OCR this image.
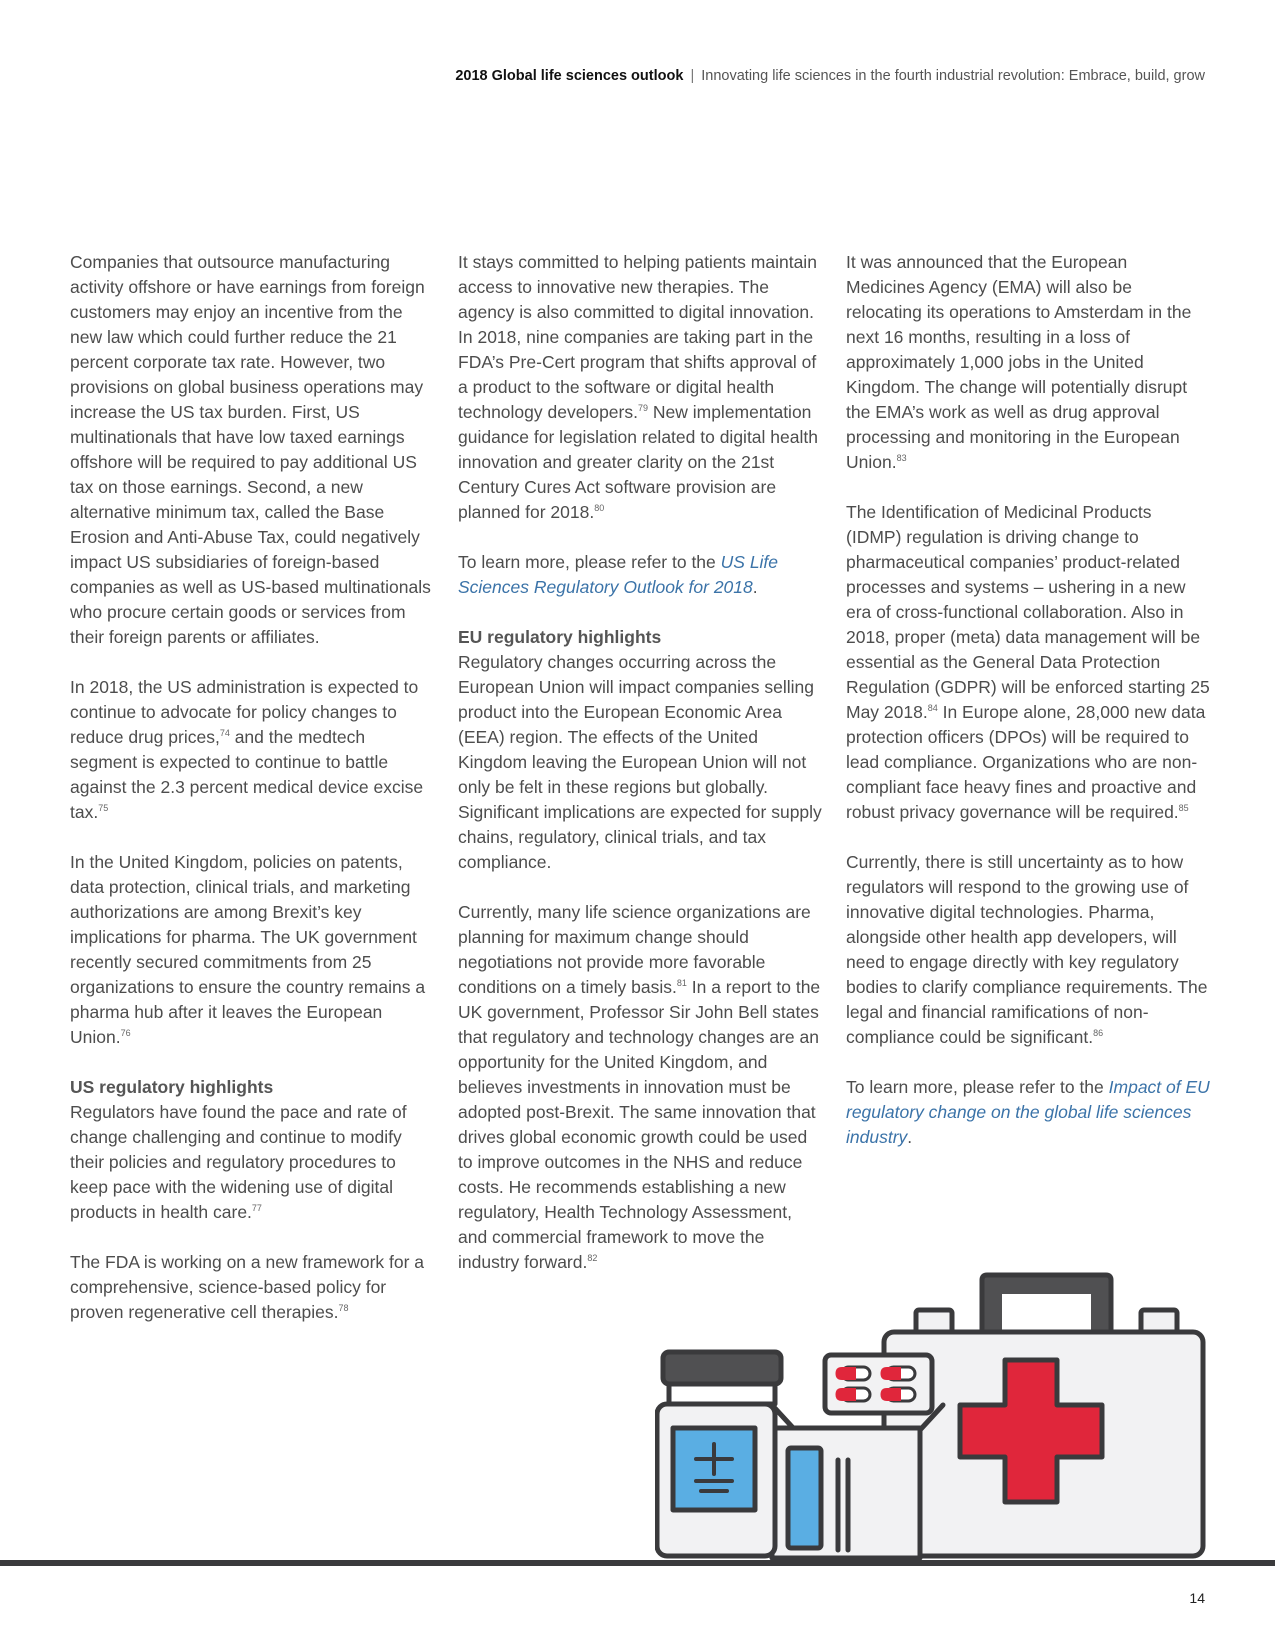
2018 Global life sciences outlook | Innovating life sciences in the fourth industrial revolution: Embrace, build, grow

Companies that outsource manufacturing activity offshore or have earnings from foreign customers may enjoy an incentive from the new law which could further reduce the 21 percent corporate tax rate. However, two provisions on global business operations may increase the US tax burden. First, US multinationals that have low taxed earnings offshore will be required to pay additional US tax on those earnings. Second, a new alternative minimum tax, called the Base Erosion and Anti-Abuse Tax, could negatively impact US subsidiaries of foreign-based companies as well as US-based multinationals who procure certain goods or services from their foreign parents or affiliates.

In 2018, the US administration is expected to continue to advocate for policy changes to reduce drug prices,$^{74}$ and the medtech segment is expected to continue to battle against the 2.3 percent medical device excise tax.$^{75}$

In the United Kingdom, policies on patents, data protection, clinical trials, and marketing authorizations are among Brexit’s key implications for pharma. The UK government recently secured commitments from 25 organizations to ensure the country remains a pharma hub after it leaves the European Union.$^{76}$

US regulatory highlights

Regulators have found the pace and rate of change challenging and continue to modify their policies and regulatory procedures to keep pace with the widening use of digital products in health care.$^{77}$

The FDA is working on a new framework for a comprehensive, science-based policy for proven regenerative cell therapies.$^{78}$

It stays committed to helping patients maintain access to innovative new therapies. The agency is also committed to digital innovation. In 2018, nine companies are taking part in the FDA’s Pre-Cert program that shifts approval of a product to the software or digital health technology developers.$^{79}$ New implementation guidance for legislation related to digital health innovation and greater clarity on the 21st Century Cures Act software provision are planned for 2018.80

To learn more, please refer to the US Life Sciences Regulatory Outlook for 2018.

EU regulatory highlights

Regulatory changes occurring across the European Union will impact companies selling product into the European Economic Area (EEA) region. The effects of the United Kingdom leaving the European Union will not only be felt in these regions but globally. Significant implications are expected for supply chains, regulatory, clinical trials, and tax compliance.

Currently, many life science organizations are planning for maximum change should negotiations not provide more favorable conditions on a timely basis.$^{81}$ In a report to the UK government, Professor Sir John Bell states that regulatory and technology changes are an opportunity for the United Kingdom, and believes investments in innovation must be adopted post-Brexit. The same innovation that drives global economic growth could be used to improve outcomes in the NHS and reduce costs. He recommends establishing a new regulatory, Health Technology Assessment, and commercial framework to move the industry forward.$^{82}$

It was announced that the European Medicines Agency (EMA) will also be relocating its operations to Amsterdam in the next 16 months, resulting in a loss of approximately 1,000 jobs in the United Kingdom. The change will potentially disrupt the EMA’s work as well as drug approval processing and monitoring in the European Union.$^{83}$

The Identification of Medicinal Products (IDMP) regulation is driving change to pharmaceutical companies’ product-related processes and systems – ushering in a new era of cross-functional collaboration. Also in 2018, proper (meta) data management will be essential as the General Data Protection Regulation (GDPR) will be enforced starting 25 May 2018.84 In Europe alone, 28,000 new data protection officers (DPOs) will be required to lead compliance. Organizations who are non-compliant face heavy fines and proactive and robust privacy governance will be required.$^{85}$

Currently, there is still uncertainty as to how regulators will respond to the growing use of innovative digital technologies. Pharma, alongside other health app developers, will need to engage directly with key regulatory bodies to clarify compliance requirements. The legal and financial ramifications of non-compliance could be significant.$^{86}$

To learn more, please refer to the Impact of EU regulatory change on the global life sciences industry.

14
